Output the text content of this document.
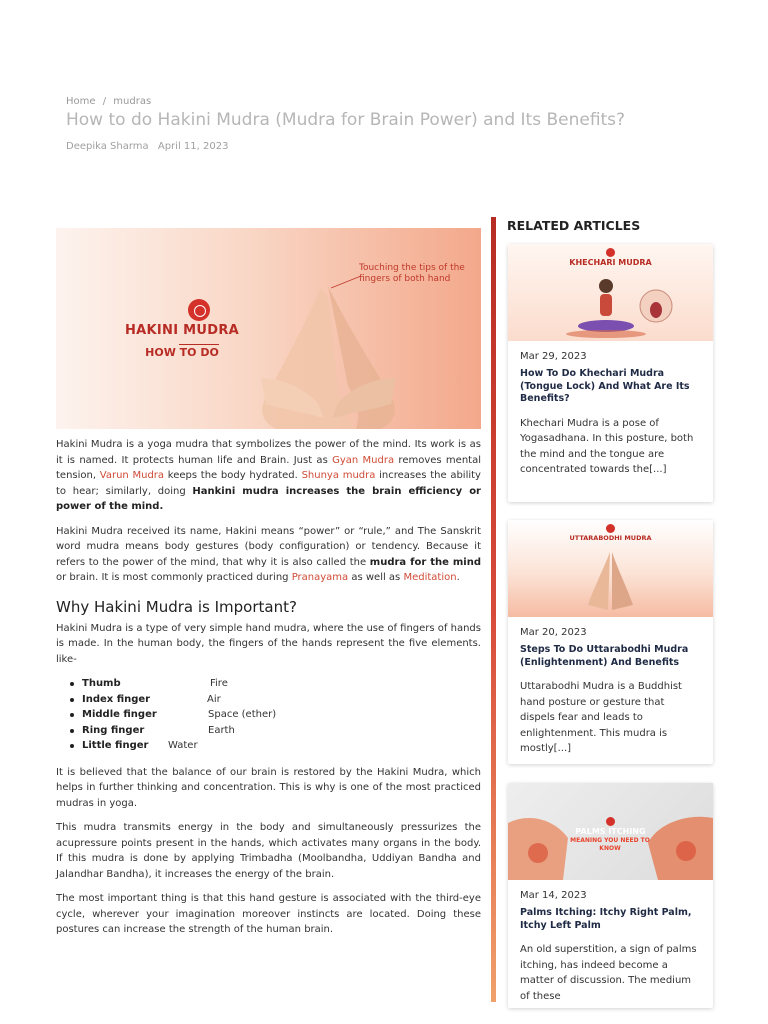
Home / mudras
How to do Hakini Mudra (Mudra for Brain Power) and Its Benefits?
Deepika Sharma April 11, 2023
HAKINI MUDRA
HOW TO DO
Touching the tips of the fingers of both hand

Hakini Mudra is a yoga mudra that symbolizes the power of the mind. Its work is as it is named. It protects human life and Brain. Just as Gyan Mudra removes mental tension, Varun Mudra keeps the body hydrated. Shunya mudra increases the ability to hear; similarly, doing Hankini mudra increases the brain efficiency or power of the mind.

Hakini Mudra received its name, Hakini means “power” or “rule,” and The Sanskrit word mudra means body gestures (body configuration) or tendency. Because it refers to the power of the mind, that why it is also called the mudra for the mind or brain. It is most commonly practiced during Pranayama as well as Meditation.

Why Hakini Mudra is Important?

Hakini Mudra is a type of very simple hand mudra, where the use of fingers of hands is made. In the human body, the fingers of the hands represent the five elements. like-

Thumb	Fire
Index finger	Air
Middle finger	Space (ether)
Ring finger	Earth
Little finger Water

It is believed that the balance of our brain is restored by the Hakini Mudra, which helps in further thinking and concentration. This is why is one of the most practiced mudras in yoga.

This mudra transmits energy in the body and simultaneously pressurizes the acupressure points present in the hands, which activates many organs in the body. If this mudra is done by applying Trimbadha (Moolbandha, Uddiyan Bandha and Jalandhar Bandha), it increases the energy of the brain.

The most important thing is that this hand gesture is associated with the third-eye cycle, wherever your imagination moreover instincts are located. Doing these postures can increase the strength of the human brain.

RELATED ARTICLES
KHECHARI MUDRA
Mar 29, 2023
How To Do Khechari Mudra (Tongue Lock) And What Are Its Benefits?
Khechari Mudra is a pose of Yogasadhana. In this posture, both the mind and the tongue are concentrated towards the[...]
UTTARABODHI MUDRA
Mar 20, 2023
Steps To Do Uttarabodhi Mudra (Enlightenment) And Benefits
Uttarabodhi Mudra is a Buddhist hand posture or gesture that dispels fear and leads to enlightenment. This mudra is mostly[...]
PALMS ITCHING
MEANING YOU NEED TO KNOW
Mar 14, 2023
Palms Itching: Itchy Right Palm, Itchy Left Palm
An old superstition, a sign of palms itching, has indeed become a matter of discussion. The medium of these
